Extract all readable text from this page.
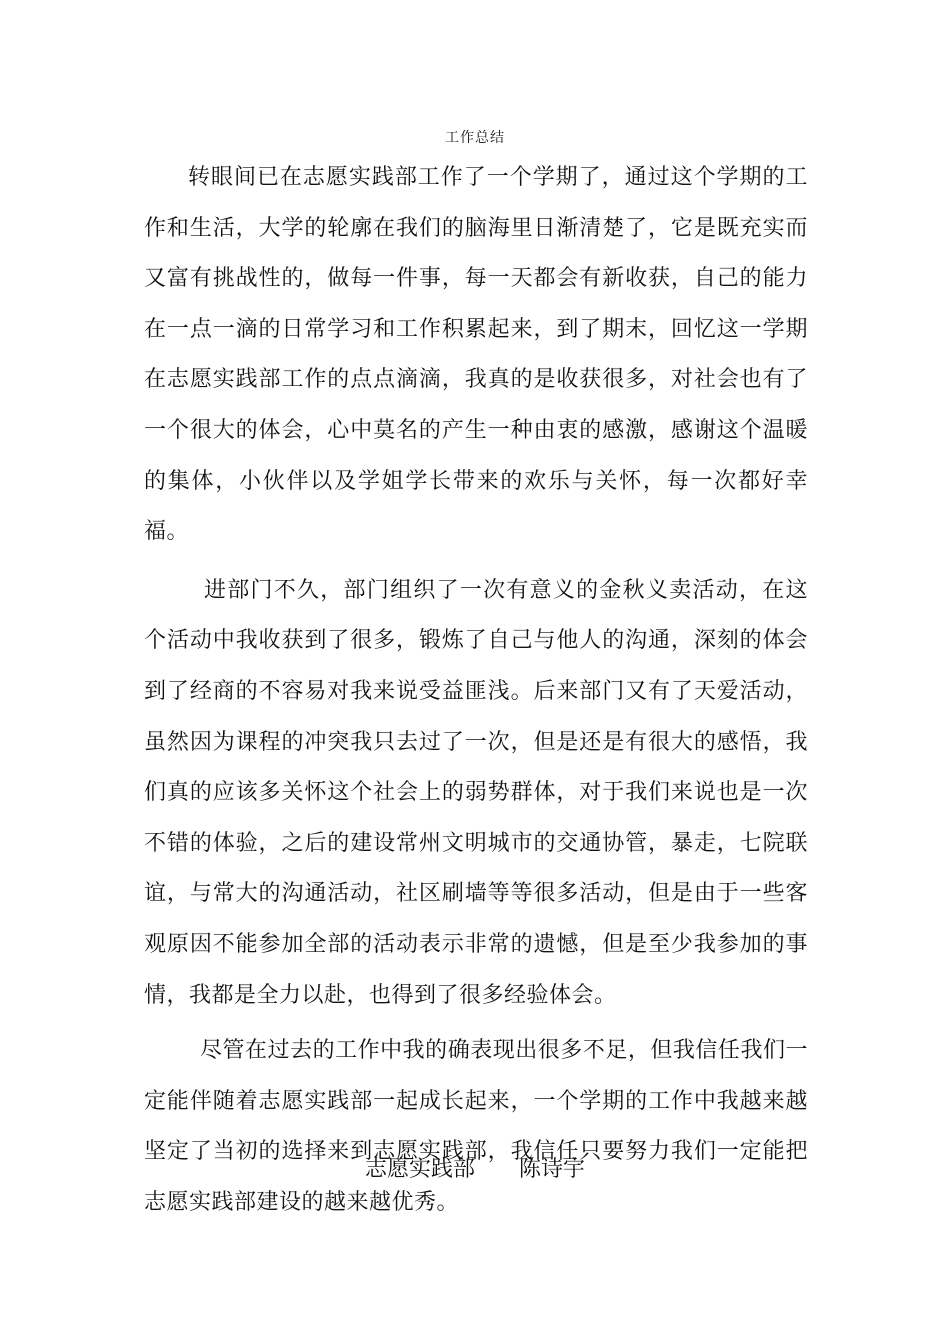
工作总结

转眼间已在志愿实践部工作了一个学期了，通过这个学期的工作和生活，大学的轮廓在我们的脑海里日渐清楚了，它是既充实而又富有挑战性的，做每一件事，每一天都会有新收获，自己的能力在一点一滴的日常学习和工作积累起来，到了期末，回忆这一学期在志愿实践部工作的点点滴滴，我真的是收获很多，对社会也有了一个很大的体会，心中莫名的产生一种由衷的感激，感谢这个温暖的集体，小伙伴以及学姐学长带来的欢乐与关怀，每一次都好幸福。

进部门不久，部门组织了一次有意义的金秋义卖活动，在这个活动中我收获到了很多，锻炼了自己与他人的沟通，深刻的体会到了经商的不容易对我来说受益匪浅。后来部门又有了天爱活动，虽然因为课程的冲突我只去过了一次，但是还是有很大的感悟，我们真的应该多关怀这个社会上的弱势群体，对于我们来说也是一次不错的体验，之后的建设常州文明城市的交通协管，暴走，七院联谊，与常大的沟通活动，社区刷墙等等很多活动，但是由于一些客观原因不能参加全部的活动表示非常的遗憾，但是至少我参加的事情，我都是全力以赴，也得到了很多经验体会。

尽管在过去的工作中我的确表现出很多不足，但我信任我们一定能伴随着志愿实践部一起成长起来，一个学期的工作中我越来越坚定了当初的选择来到志愿实践部，我信任只要努力我们一定能把志愿实践部建设的越来越优秀。

志愿实践部 陈诗宇
